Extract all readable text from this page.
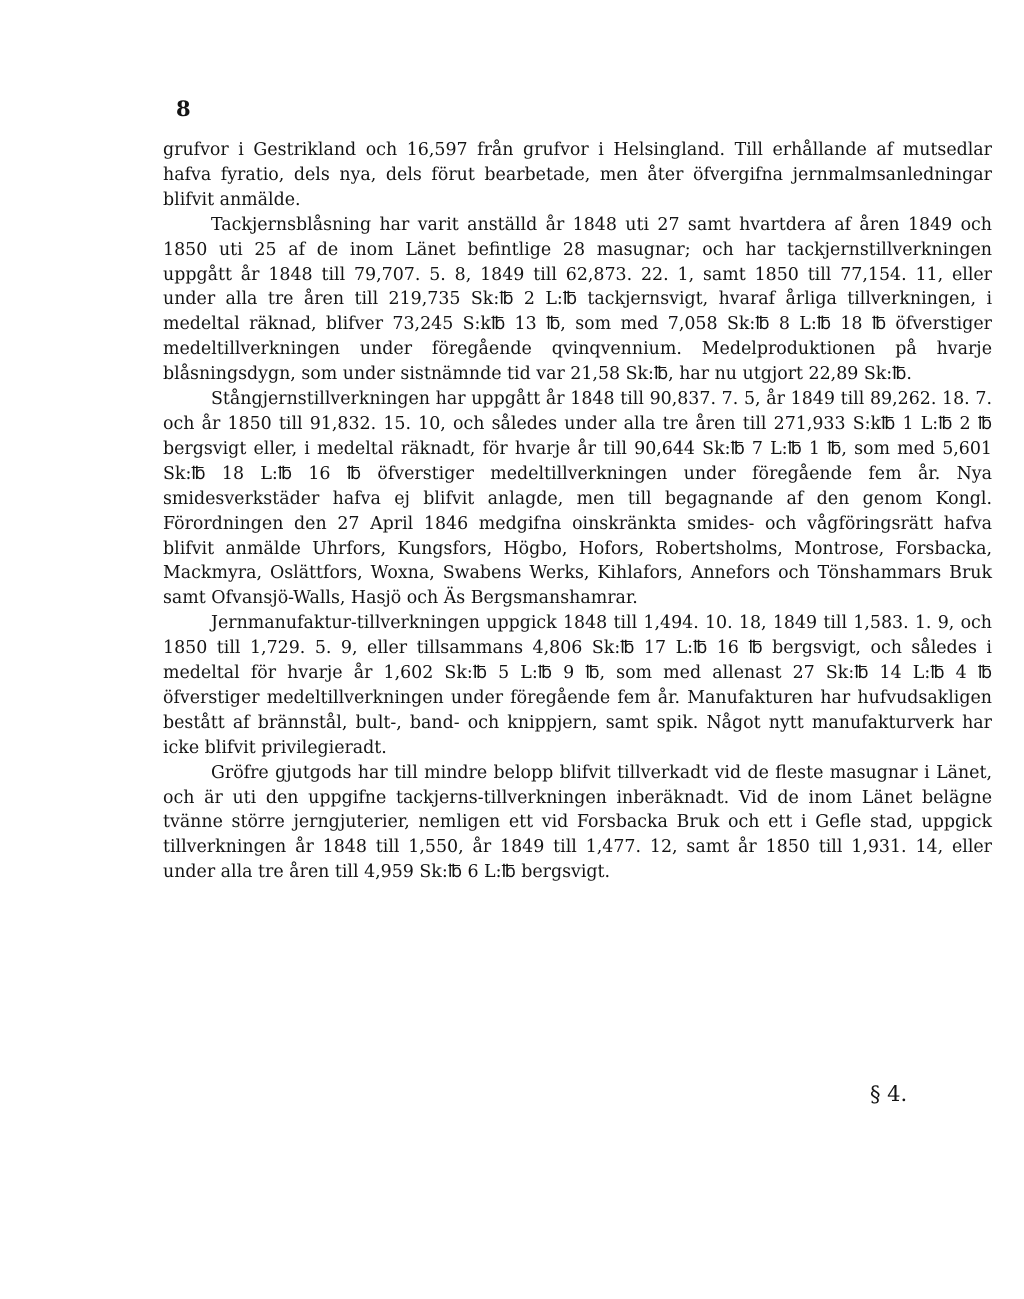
8

grufvor i Gestrikland och 16,597 från grufvor i Helsingland. Till erhållande af mutsedlar hafva fyratio, dels nya, dels förut bearbetade, men åter öfvergifna jernmalmsanledningar blifvit anmälde.

Tackjernsblåsning har varit anställd år 1848 uti 27 samt hvartdera af åren 1849 och 1850 uti 25 af de inom Länet befintlige 28 masugnar; och har tackjernstillverkningen uppgått år 1848 till 79,707. 5. 8, 1849 till 62,873. 22. 1, samt 1850 till 77,154. 11, eller under alla tre åren till 219,735 Sk:℔ 2 L:℔ tackjernsvigt, hvaraf årliga tillverkningen, i medeltal räknad, blifver 73,245 S:k℔ 13 ℔, som med 7,058 Sk:℔ 8 L:℔ 18 ℔ öfverstiger medeltillverkningen under föregående qvinqvennium. Medelproduktionen på hvarje blåsningsdygn, som under sistnämnde tid var 21,58 Sk:℔, har nu utgjort 22,89 Sk:℔.

Stångjernstillverkningen har uppgått år 1848 till 90,837. 7. 5, år 1849 till 89,262. 18. 7. och år 1850 till 91,832. 15. 10, och således under alla tre åren till 271,933 S:k℔ 1 L:℔ 2 ℔ bergsvigt eller, i medeltal räknadt, för hvarje år till 90,644 Sk:℔ 7 L:℔ 1 ℔, som med 5,601 Sk:℔ 18 L:℔ 16 ℔ öfverstiger medeltillverkningen under föregående fem år. Nya smidesverkstäder hafva ej blifvit anlagde, men till begagnande af den genom Kongl. Förordningen den 27 April 1846 medgifna oinskränkta smides- och vågföringsrätt hafva blifvit anmälde Uhrfors, Kungsfors, Högbo, Hofors, Robertsholms, Montrose, Forsbacka, Mackmyra, Oslättfors, Woxna, Swabens Werks, Kihlafors, Annefors och Tönshammars Bruk samt Ofvansjö-Walls, Hasjö och Äs Bergsmanshamrar.

Jernmanufaktur-tillverkningen uppgick 1848 till 1,494. 10. 18, 1849 till 1,583. 1. 9, och 1850 till 1,729. 5. 9, eller tillsammans 4,806 Sk:℔ 17 L:℔ 16 ℔ bergsvigt, och således i medeltal för hvarje år 1,602 Sk:℔ 5 L:℔ 9 ℔, som med allenast 27 Sk:℔ 14 L:℔ 4 ℔ öfverstiger medeltillverkningen under föregående fem år. Manufakturen har hufvudsakligen bestått af brännstål, bult-, band- och knippjern, samt spik. Något nytt manufakturverk har icke blifvit privilegieradt.

Gröfre gjutgods har till mindre belopp blifvit tillverkadt vid de fleste masugnar i Länet, och är uti den uppgifne tackjerns-tillverkningen inberäknadt. Vid de inom Länet belägne tvänne större jerngjuterier, nemligen ett vid Forsbacka Bruk och ett i Gefle stad, uppgick tillverkningen år 1848 till 1,550, år 1849 till 1,477. 12, samt år 1850 till 1,931. 14, eller under alla tre åren till 4,959 Sk:℔ 6 L:℔ bergsvigt.

§ 4.
